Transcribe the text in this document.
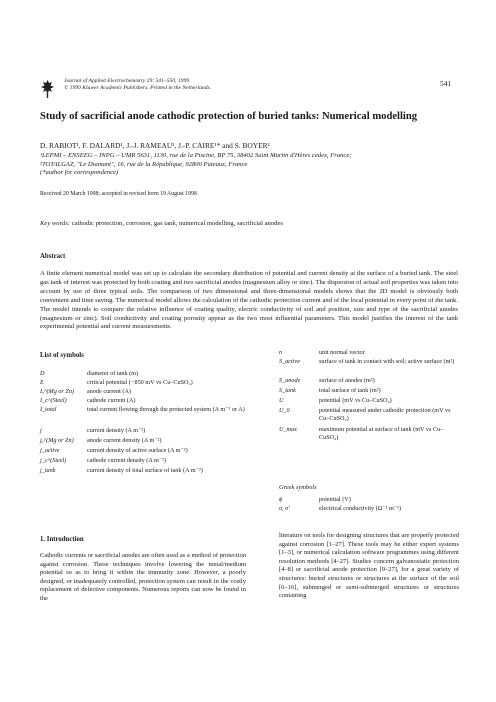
Journal of Applied Electrochemistry 29: 541–550, 1999.
© 1999 Kluwer Academic Publishers. Printed in the Netherlands.
541
Study of sacrificial anode cathodic protection of buried tanks: Numerical modelling
D. RABIOT¹, F. DALARD¹, J.-J. RAMEAU¹, J.-P. CAIRE¹* and S. BOYER²
¹LEPMI – ENSEEG – INPG – UMR 5631, 1130, rue de la Piscine, BP 75, 38402 Saint Martin d'Hères cedex, France;
²TOTALGAZ, "Le Diamant", 16, rue de la République, 92800 Puteaux, France
(*author for correspondence)
Received 20 March 1998; accepted in revised form 19 August 1998
Key words: cathodic protection, corrosion, gas tank, numerical modelling, sacrificial anodes
Abstract
A finite element numerical model was set up to calculate the secondary distribution of potential and current density at the surface of a buried tank. The steel gas tank of interest was protected by both coating and two sacrificial anodes (magnesium alloy or zinc). The dispersion of actual soil properties was taken into account by use of three typical soils. The comparison of two dimensional and three-dimensional models shows that the 2D model is obviously both convenient and time saving. The numerical model allows the calculation of the cathodic protection current and of the local potential in every point of the tank. The model intends to compare the relative influence of coating quality, electric conductivity of soil and position, size and type of the sacrificial anodes (magnesium or zinc). Soil conductivity and coating porosity appear as the two most influential parameters. This model justifies the interest of the tank experimental potential and current measurements.
List of symbols
D	diameter of tank (m)
E	critical potential (−850 mV vs Cu–CuSO₄)
Iₐ^(Mg or Zn) anode current (A)
I_c^(Steel)	cathode current (A)
I_total	total current flowing through the protected system (A m⁻¹ or A)
j	current density (A m⁻²)
jₐ^(Mg or Zn) anode current density (A m⁻²)
j_active	current density of active surface (A m⁻²)
j_c^(Steel)	cathode current density (A m⁻²)
j_tank	current density of total surface of tank (A m⁻²)
n	unit normal vector
S_active	surface of tank in contact with soil; active surface (m²)
S_anode	surface of anodes (m²)
S_tank	total surface of tank (m²)
U	potential (mV vs Cu–CuSO₄)
U_0	potential measured under cathodic protection (mV vs Cu–CuSO₄)
U_max	maximum potential at surface of tank (mV vs Cu–CuSO₄)
Greek symbols
ϕ	potential (V)
σ, σ'	electrical conductivity (Ω⁻¹ m⁻¹)
1. Introduction
Cathodic currents or sacrificial anodes are often used as a method of protection against corrosion. These techniques involve lowering the metal/medium potential so as to bring it within the immunity zone. However, a poorly designed, or inadequately controlled, protection system can result in the costly replacement of defective components. Numerous reports can now be found in the
literature on tools for designing structures that are properly protected against corrosion [1–27]. These tools may be either expert systems [1–3], or numerical calculation software programmes using different resolution methods [4–27]. Studies concern galvanostatic protection [4–8] or sacrificial anode protection [9–27], for a great variety of structures: buried structures or structures at the surface of the soil [6–16], submerged or semi-submerged structures or structures containing
